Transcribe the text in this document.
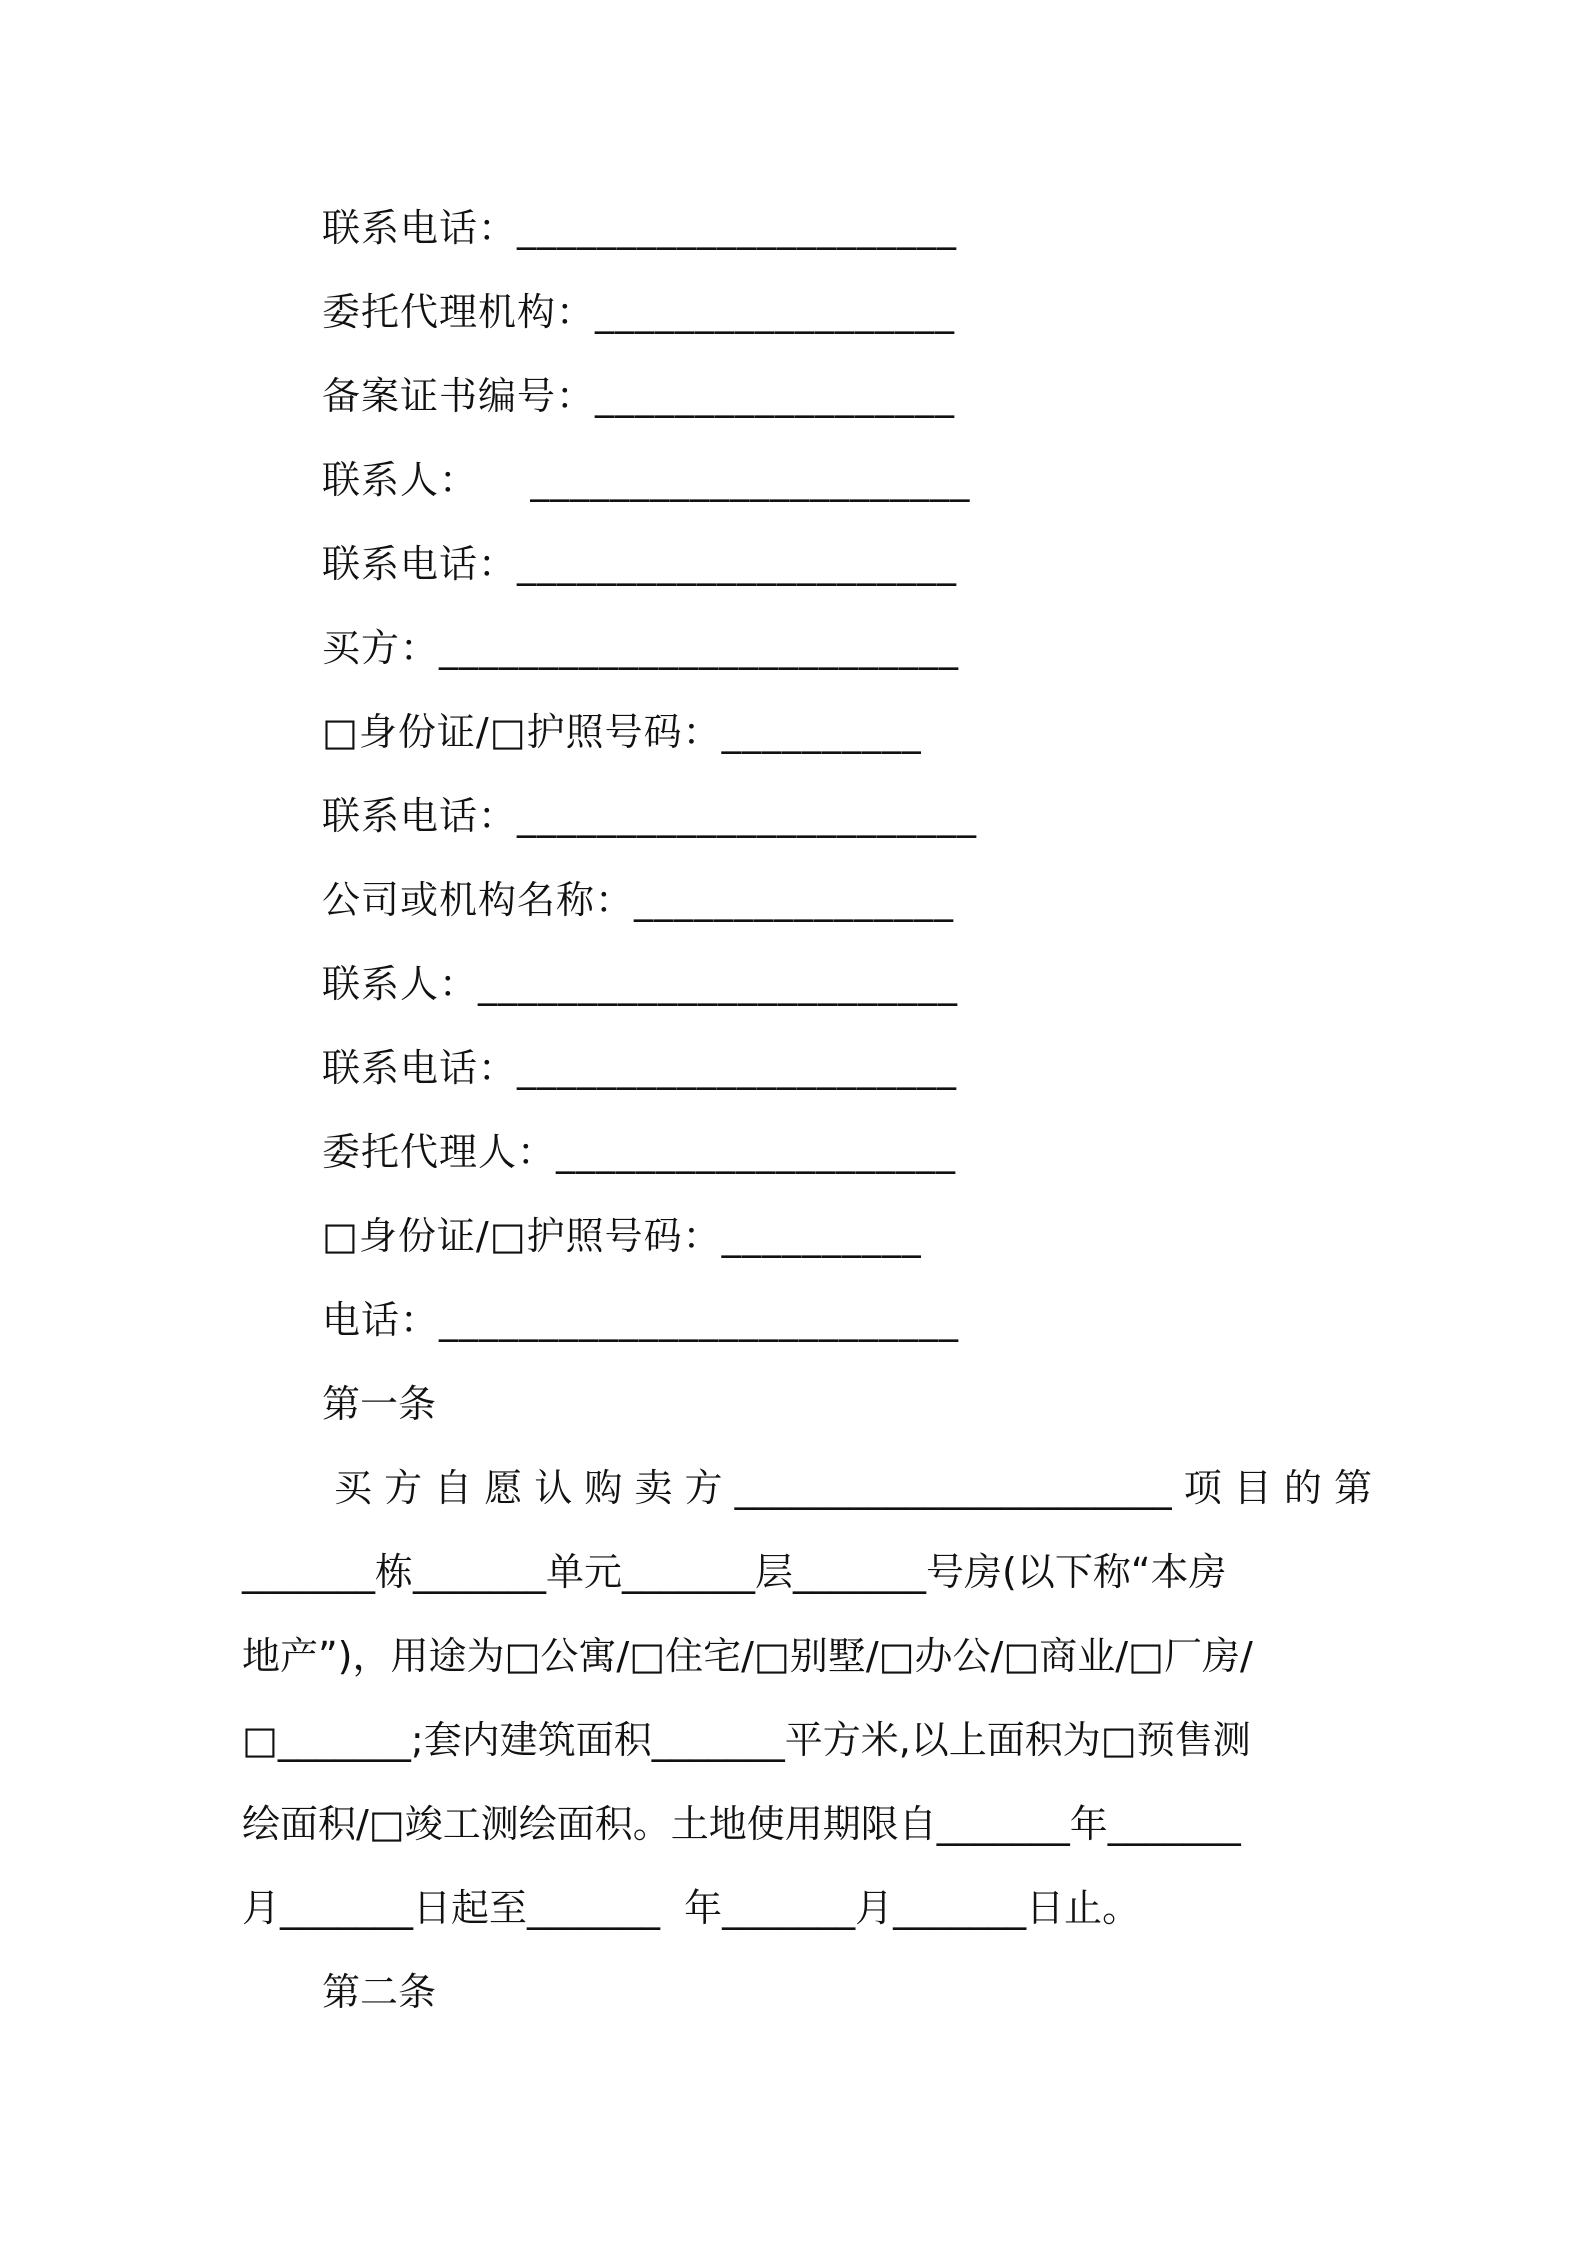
联系电话：______________________
委托代理机构：__________________
备案证书编号：__________________
联系人：    ______________________
联系电话：______________________
买方：__________________________
□身份证/□护照号码：__________
联系电话：_______________________
公司或机构名称：________________
联系人：________________________
联系电话：______________________
委托代理人：____________________
□身份证/□护照号码：__________
电话：__________________________
第一条
买 方 自 愿 认 购 卖 方 _______________________ 项 目 的 第
_______栋_______单元_______层_______号房(以下称“本房
地产”)，用途为□公寓/□住宅/□别墅/□办公/□商业/□厂房/
□_______;套内建筑面积_______平方米,以上面积为□预售测
绘面积/□竣工测绘面积。土地使用期限自_______年_______
月_______日起至_______  年_______月_______日止。
第二条
